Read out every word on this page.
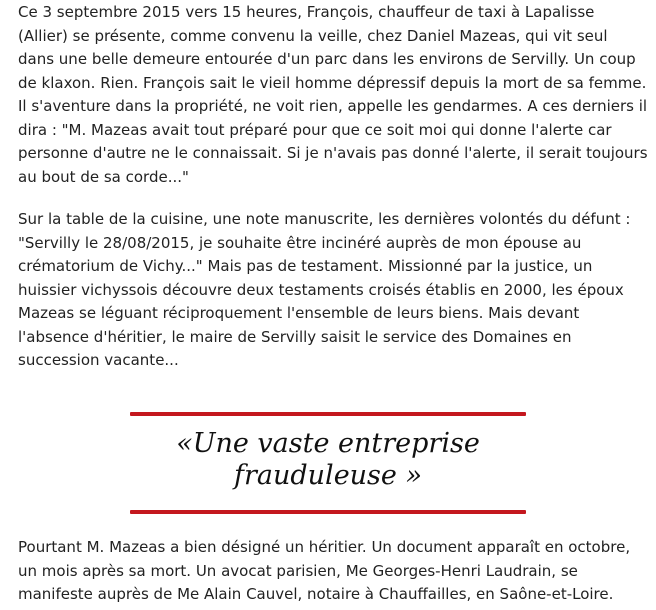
Ce 3 septembre 2015 vers 15 heures, François, chauffeur de taxi à Lapalisse (Allier) se présente, comme convenu la veille, chez Daniel Mazeas, qui vit seul dans une belle demeure entourée d'un parc dans les environs de Servilly. Un coup de klaxon. Rien. François sait le vieil homme dépressif depuis la mort de sa femme. Il s'aventure dans la propriété, ne voit rien, appelle les gendarmes. A ces derniers il dira : "M. Mazeas avait tout préparé pour que ce soit moi qui donne l'alerte car personne d'autre ne le connaissait. Si je n'avais pas donné l'alerte, il serait toujours au bout de sa corde..."

Sur la table de la cuisine, une note manuscrite, les dernières volontés du défunt : "Servilly le 28/08/2015, je souhaite être incinéré auprès de mon épouse au crématorium de Vichy..." Mais pas de testament. Missionné par la justice, un huissier vichyssois découvre deux testaments croisés établis en 2000, les époux Mazeas se léguant réciproquement l'ensemble de leurs biens. Mais devant l'absence d'héritier, le maire de Servilly saisit le service des Domaines en succession vacante...

Pourtant M. Mazeas a bien désigné un héritier. Un document apparaît en octobre, un mois après sa mort. Un avocat parisien, Me Georges-Henri Laudrain, se manifeste auprès de Me Alain Cauvel, notaire à Chauffailles, en Saône-et-Loire.

«Une vaste entreprise
frauduleuse »
